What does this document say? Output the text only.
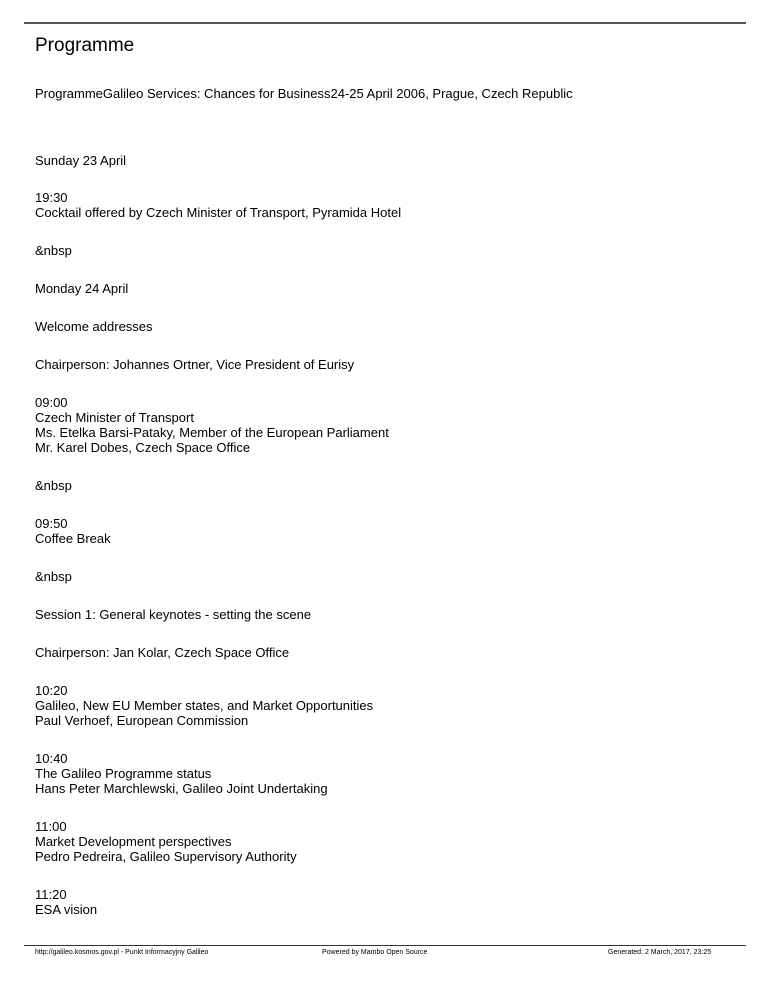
Programme
ProgrammeGalileo Services: Chances for Business24-25 April 2006, Prague, Czech Republic
Sunday 23 April
19:30
Cocktail offered by Czech Minister of Transport, Pyramida Hotel
&nbsp
Monday 24 April
Welcome addresses
Chairperson: Johannes Ortner, Vice President of Eurisy
09:00
Czech Minister of Transport
Ms. Etelka Barsi-Pataky, Member of the European Parliament
Mr. Karel Dobes, Czech Space Office
&nbsp
09:50
Coffee Break
&nbsp
Session 1: General keynotes - setting the scene
Chairperson: Jan Kolar, Czech Space Office
10:20
Galileo, New EU Member states, and Market Opportunities
Paul Verhoef, European Commission
10:40
The Galileo Programme status
Hans Peter Marchlewski, Galileo Joint Undertaking
11:00
Market Development perspectives
Pedro Pedreira, Galileo Supervisory Authority
11:20
ESA vision
http://galileo.kosmos.gov.pl - Punkt Informacyjny Galileo	Powered by Mambo Open Source	Generated: 2 March, 2017, 23:25
